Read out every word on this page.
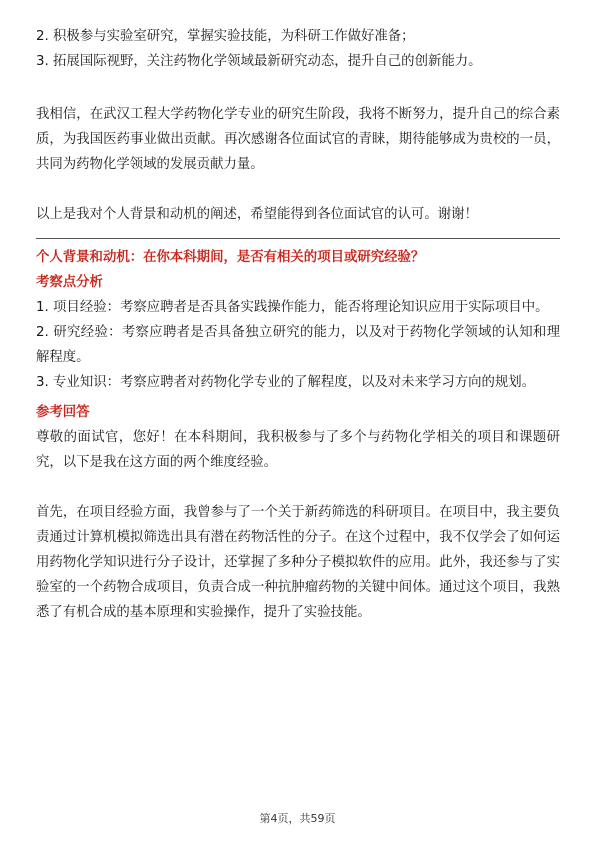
2. 积极参与实验室研究，掌握实验技能，为科研工作做好准备；

3. 拓展国际视野，关注药物化学领域最新研究动态，提升自己的创新能力。

我相信，在武汉工程大学药物化学专业的研究生阶段，我将不断努力，提升自己的综合素质，为我国医药事业做出贡献。再次感谢各位面试官的青睐，期待能够成为贵校的一员，共同为药物化学领域的发展贡献力量。

以上是我对个人背景和动机的阐述，希望能得到各位面试官的认可。谢谢！

个人背景和动机：在你本科期间，是否有相关的项目或研究经验？

考察点分析

1. 项目经验：考察应聘者是否具备实践操作能力，能否将理论知识应用于实际项目中。

2. 研究经验：考察应聘者是否具备独立研究的能力，以及对于药物化学领域的认知和理解程度。

3. 专业知识：考察应聘者对药物化学专业的了解程度，以及对未来学习方向的规划。

参考回答

尊敬的面试官，您好！在本科期间，我积极参与了多个与药物化学相关的项目和课题研究，以下是我在这方面的两个维度经验。

首先，在项目经验方面，我曾参与了一个关于新药筛选的科研项目。在项目中，我主要负责通过计算机模拟筛选出具有潜在药物活性的分子。在这个过程中，我不仅学会了如何运用药物化学知识进行分子设计，还掌握了多种分子模拟软件的应用。此外，我还参与了实验室的一个药物合成项目，负责合成一种抗肿瘤药物的关键中间体。通过这个项目，我熟悉了有机合成的基本原理和实验操作，提升了实验技能。

第4页，共59页
